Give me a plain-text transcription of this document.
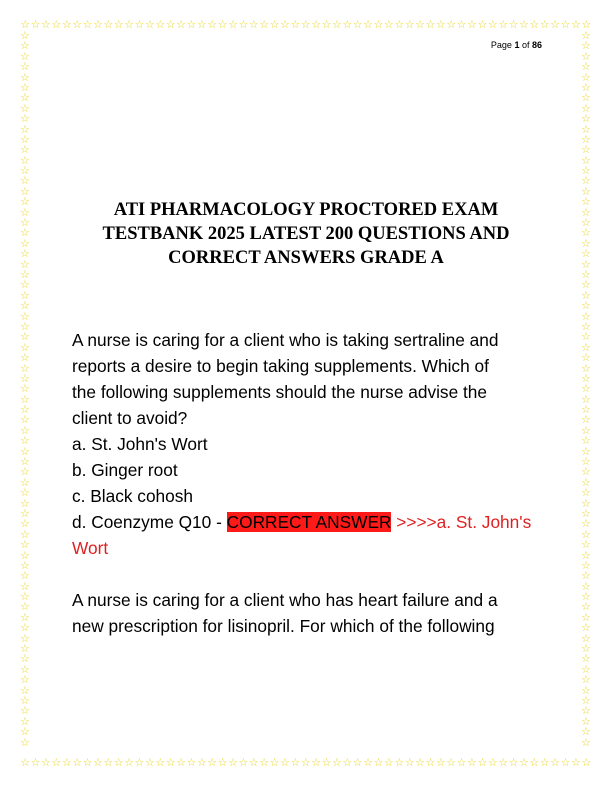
☆☆☆☆☆☆☆☆☆☆☆☆☆☆☆☆☆☆☆☆☆☆☆☆☆☆☆☆☆☆☆☆☆☆☆☆☆☆☆☆☆☆☆☆☆☆☆☆☆☆☆☆☆☆☆
☆☆☆☆☆☆☆☆☆☆☆☆☆☆☆☆☆☆☆☆☆☆☆☆☆☆☆☆☆☆☆☆☆☆☆☆☆☆☆☆☆☆☆☆☆☆☆☆☆☆☆☆☆☆☆
☆
☆
☆
☆
☆
☆
☆
☆
☆
☆
☆
☆
☆
☆
☆
☆
☆
☆
☆
☆
☆
☆
☆
☆
☆
☆
☆
☆
☆
☆
☆
☆
☆
☆
☆
☆
☆
☆
☆
☆
☆
☆
☆
☆
☆
☆
☆
☆
☆
☆
☆
☆
☆
☆
☆
☆
☆
☆
☆
☆
☆
☆
☆
☆
☆
☆
☆
☆
☆
☆
☆
☆
☆
☆
☆
☆
☆
☆
☆
☆
☆
☆
☆
☆
☆
☆
☆
☆
☆
☆
☆
☆
☆
☆
☆
☆
☆
☆
☆
☆
☆
☆
☆
☆
☆
☆
☆
☆
☆
☆
☆
☆
☆
☆
☆
☆
☆
☆
☆
☆
☆
☆
☆
☆
☆
☆
☆
☆
☆
☆
☆
☆
☆
☆
☆
☆
☆
☆
Page 1 of 86
ATI PHARMACOLOGY PROCTORED EXAM
TESTBANK 2025 LATEST 200 QUESTIONS AND
CORRECT ANSWERS GRADE A

A nurse is caring for a client who is taking sertraline and

reports a desire to begin taking supplements. Which of

the following supplements should the nurse advise the

client to avoid?

a. St. John's Wort

b. Ginger root

c. Black cohosh

d. Coenzyme Q10 - CORRECT ANSWER >>>>a. St. John's

Wort

A nurse is caring for a client who has heart failure and a

new prescription for lisinopril. For which of the following
